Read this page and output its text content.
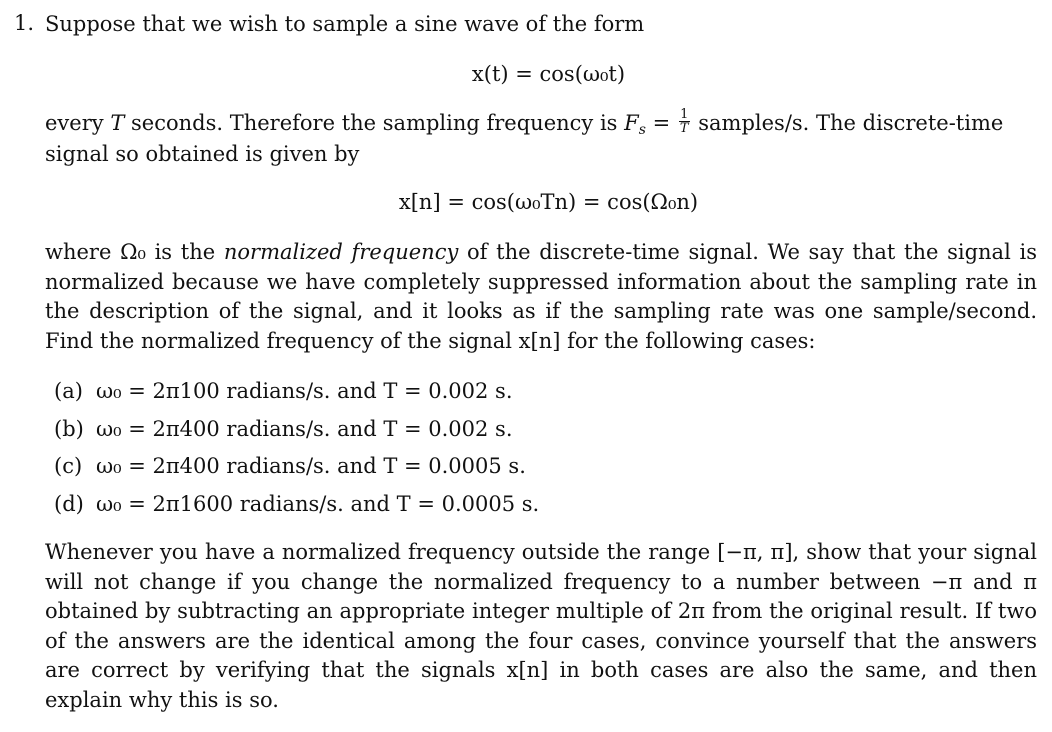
1. Suppose that we wish to sample a sine wave of the form
x(t) = cos(ω₀t)
every T seconds. Therefore the sampling frequency is $F_s = \frac{1}{T}$ samples/s. The discrete-time
signal so obtained is given by
x[n] = cos(ω₀Tn) = cos(Ω₀n)
where Ω₀ is the normalized frequency of the discrete-time signal. We say that the signal is normalized because we have completely suppressed information about the sampling rate in the description of the signal, and it looks as if the sampling rate was one sample/second. Find the normalized frequency of the signal x[n] for the following cases:
(a) ω₀ = 2π100 radians/s. and T = 0.002 s.
(b) ω₀ = 2π400 radians/s. and T = 0.002 s.
(c) ω₀ = 2π400 radians/s. and T = 0.0005 s.
(d) ω₀ = 2π1600 radians/s. and T = 0.0005 s.
Whenever you have a normalized frequency outside the range [−π, π], show that your signal will not change if you change the normalized frequency to a number between −π and π obtained by subtracting an appropriate integer multiple of 2π from the original result. If two of the answers are the identical among the four cases, convince yourself that the answers are correct by verifying that the signals x[n] in both cases are also the same, and then explain why this is so.
